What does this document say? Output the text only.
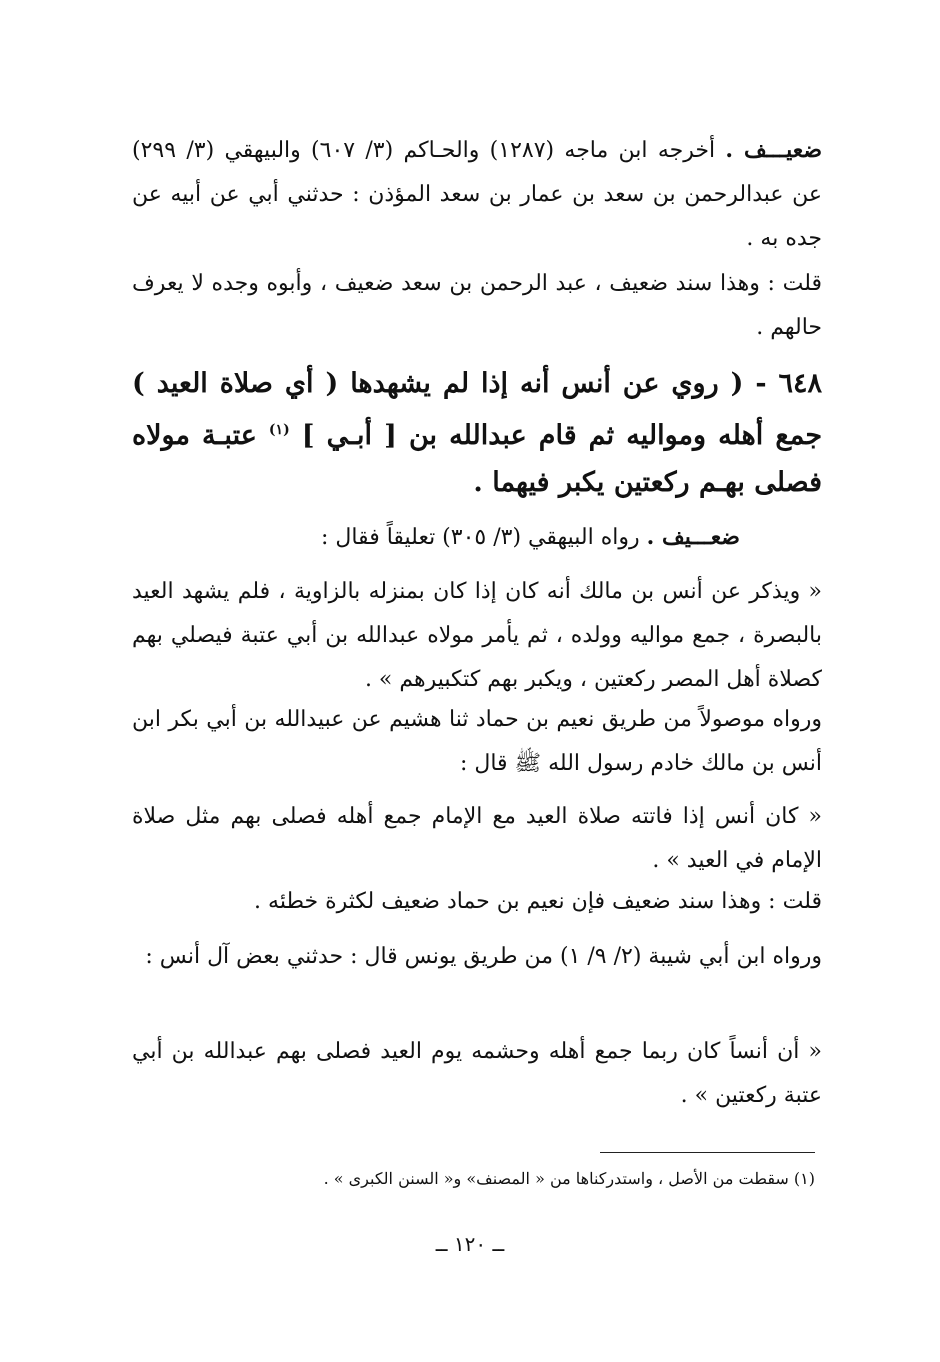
ضعيـــف . أخرجه ابن ماجه (١٢٨٧) والحـاكم (٣/ ٦٠٧) والبيهقي (٣/ ٢٩٩) عن عبدالرحمن بن سعد بن عمار بن سعد المؤذن : حدثني أبي عن أبيه عن جده به .

قلت : وهذا سند ضعيف ، عبد الرحمن بن سعد ضعيف ، وأبوه وجده لا يعرف حالهم .

٦٤٨ - ( روي عن أنس أنه إذا لم يشهدها ( أي صلاة العيد ) جمع أهله ومواليه ثم قام عبدالله بن [ أبـي ] $^{(١)}$ عتبـة مولاه فصلى بهـم ركعتين يكبر فيهما .

ضعـــيف . رواه البيهقي (٣/ ٣٠٥) تعليقاً فقال :

« ويذكر عن أنس بن مالك أنه كان إذا كان بمنزله بالزاوية ، فلم يشهد العيد بالبصرة ، جمع مواليه وولده ، ثم يأمر مولاه عبدالله بن أبي عتبة فيصلي بهم كصلاة أهل المصر ركعتين ، ويكبر بهم كتكبيرهم » .

ورواه موصولاً من طريق نعيم بن حماد ثنا هشيم عن عبيدالله بن أبي بكر ابن أنس بن مالك خادم رسول الله ﷺ قال :

« كان أنس إذا فاتته صلاة العيد مع الإمام جمع أهله فصلى بهم مثل صلاة الإمام في العيد » .

قلت : وهذا سند ضعيف فإن نعيم بن حماد ضعيف لكثرة خطئه .

ورواه ابن أبي شيبة (٢/ ٩/ ١) من طريق يونس قال : حدثني بعض آل أنس :

« أن أنساً كان ربما جمع أهله وحشمه يوم العيد فصلى بهم عبدالله بن أبي عتبة ركعتين » .

(١) سقطت من الأصل ، واستدركناها من « المصنف» و« السنن الكبرى » .
ــ ١٢٠ ــ
